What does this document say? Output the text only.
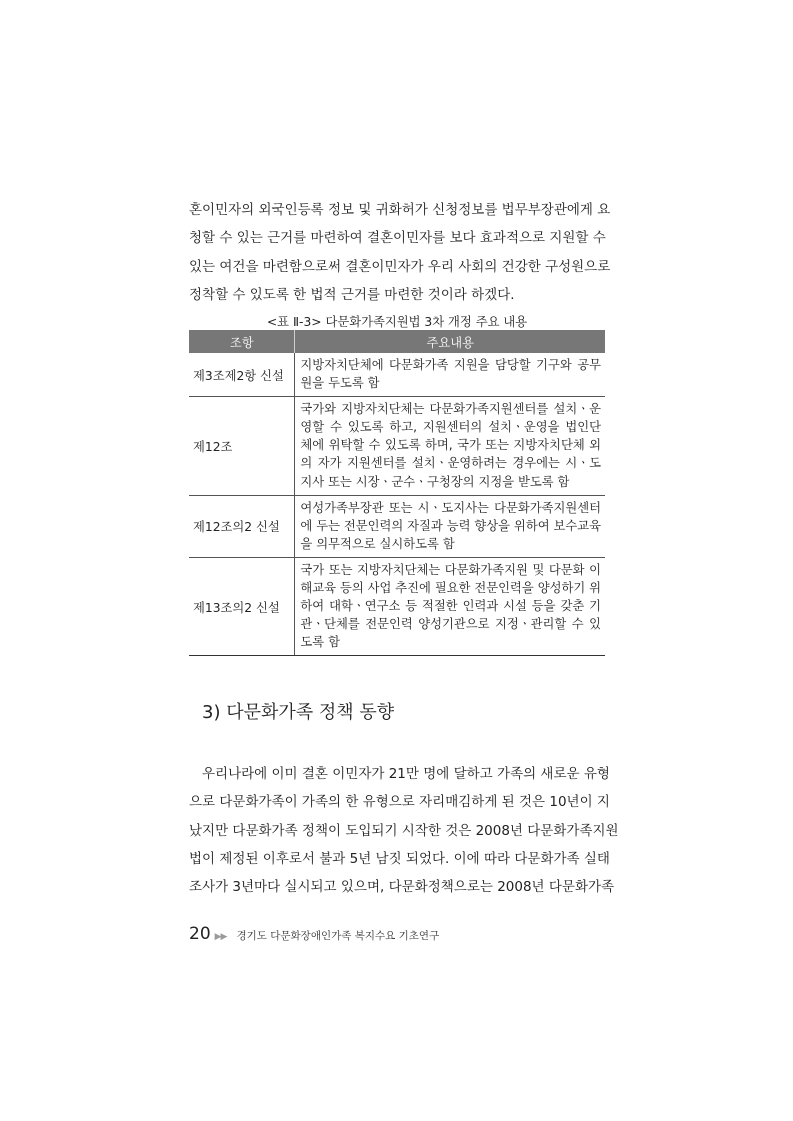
혼이민자의 외국인등록 정보 및 귀화허가 신청정보를 법무부장관에게 요
청할 수 있는 근거를 마련하여 결혼이민자를 보다 효과적으로 지원할 수
있는 여건을 마련함으로써 결혼이민자가 우리 사회의 건강한 구성원으로
정착할 수 있도록 한 법적 근거를 마련한 것이라 하겠다.

<표 Ⅱ-3> 다문화가족지원법 3차 개정 주요 내용
조항	주요내용
제3조제2항 신설	지방자치단체에 다문화가족 지원을 담당할 기구와 공무
원을 두도록 함

제12조	국가와 지방자치단체는 다문화가족지원센터를 설치ㆍ운
영할 수 있도록 하고, 지원센터의 설치ㆍ운영을 법인단
체에 위탁할 수 있도록 하며, 국가 또는 지방자치단체 외
의 자가 지원센터를 설치ㆍ운영하려는 경우에는 시ㆍ도
지사 또는 시장ㆍ군수ㆍ구청장의 지정을 받도록 함

제12조의2 신설	여성가족부장관 또는 시ㆍ도지사는 다문화가족지원센터
에 두는 전문인력의 자질과 능력 향상을 위하여 보수교육
을 의무적으로 실시하도록 함

제13조의2 신설	국가 또는 지방자치단체는 다문화가족지원 및 다문화 이
해교육 등의 사업 추진에 필요한 전문인력을 양성하기 위
하여 대학ㆍ연구소 등 적절한 인력과 시설 등을 갖춘 기
관ㆍ단체를 전문인력 양성기관으로 지정ㆍ관리할 수 있
도록 함
3) 다문화가족 정책 동향

우리나라에 이미 결혼 이민자가 21만 명에 달하고 가족의 새로운 유형
으로 다문화가족이 가족의 한 유형으로 자리매김하게 된 것은 10년이 지
났지만 다문화가족 정책이 도입되기 시작한 것은 2008년 다문화가족지원
법이 제정된 이후로서 불과 5년 남짓 되었다. 이에 따라 다문화가족 실태
조사가 3년마다 실시되고 있으며, 다문화정책으로는 2008년 다문화가족

20 ▶▶ 경기도 다문화장애인가족 복지수요 기초연구
